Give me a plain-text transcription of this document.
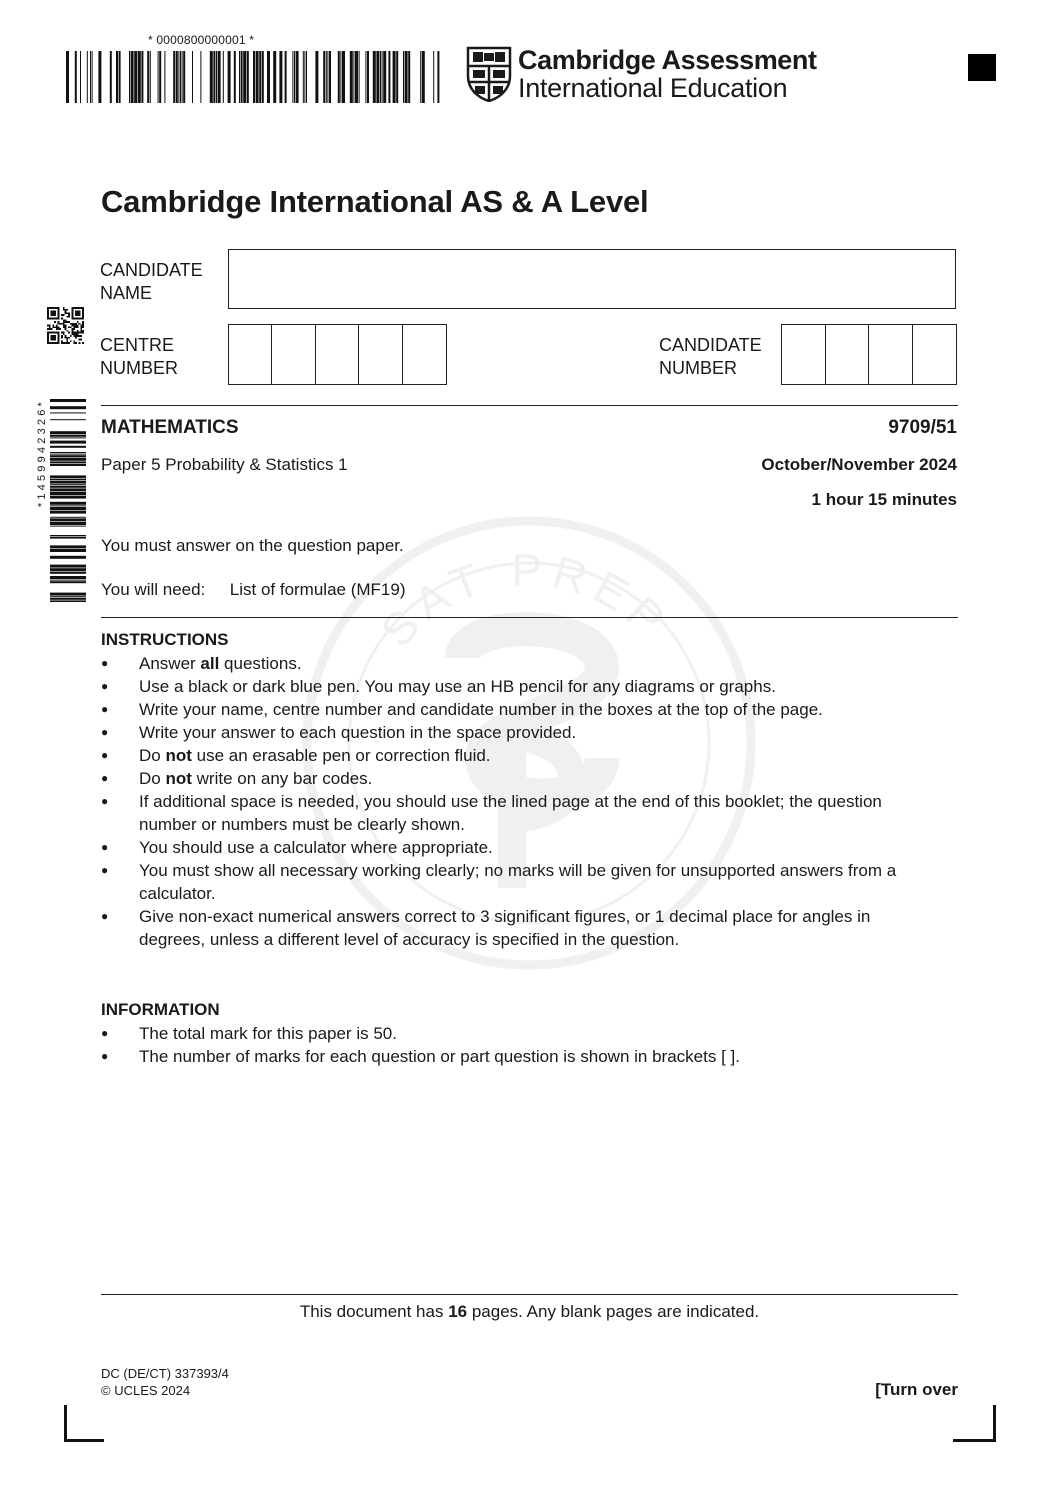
* 0000800000001 *
Cambridge Assessment
International Education
*1459942326*
SAT PREP
Cambridge International AS & A Level
CANDIDATE
NAME
CENTRE
NUMBER
CANDIDATE
NUMBER
MATHEMATICS	9709/51
Paper 5 Probability & Statistics 1	October/November 2024
1 hour 15 minutes
You must answer on the question paper.
You will need: List of formulae (MF19)
INSTRUCTIONS
● Answer all questions.
● Use a black or dark blue pen. You may use an HB pencil for any diagrams or graphs.
● Write your name, centre number and candidate number in the boxes at the top of the page.
● Write your answer to each question in the space provided.
● Do not use an erasable pen or correction fluid.
● Do not write on any bar codes.
● If additional space is needed, you should use the lined page at the end of this booklet; the question number or numbers must be clearly shown.
● You should use a calculator where appropriate.
● You must show all necessary working clearly; no marks will be given for unsupported answers from a calculator.
● Give non-exact numerical answers correct to 3 significant figures, or 1 decimal place for angles in degrees, unless a different level of accuracy is specified in the question.
INFORMATION
● The total mark for this paper is 50.
● The number of marks for each question or part question is shown in brackets [ ].
This document has 16 pages. Any blank pages are indicated.
DC (DE/CT) 337393/4
© UCLES 2024	[Turn over
